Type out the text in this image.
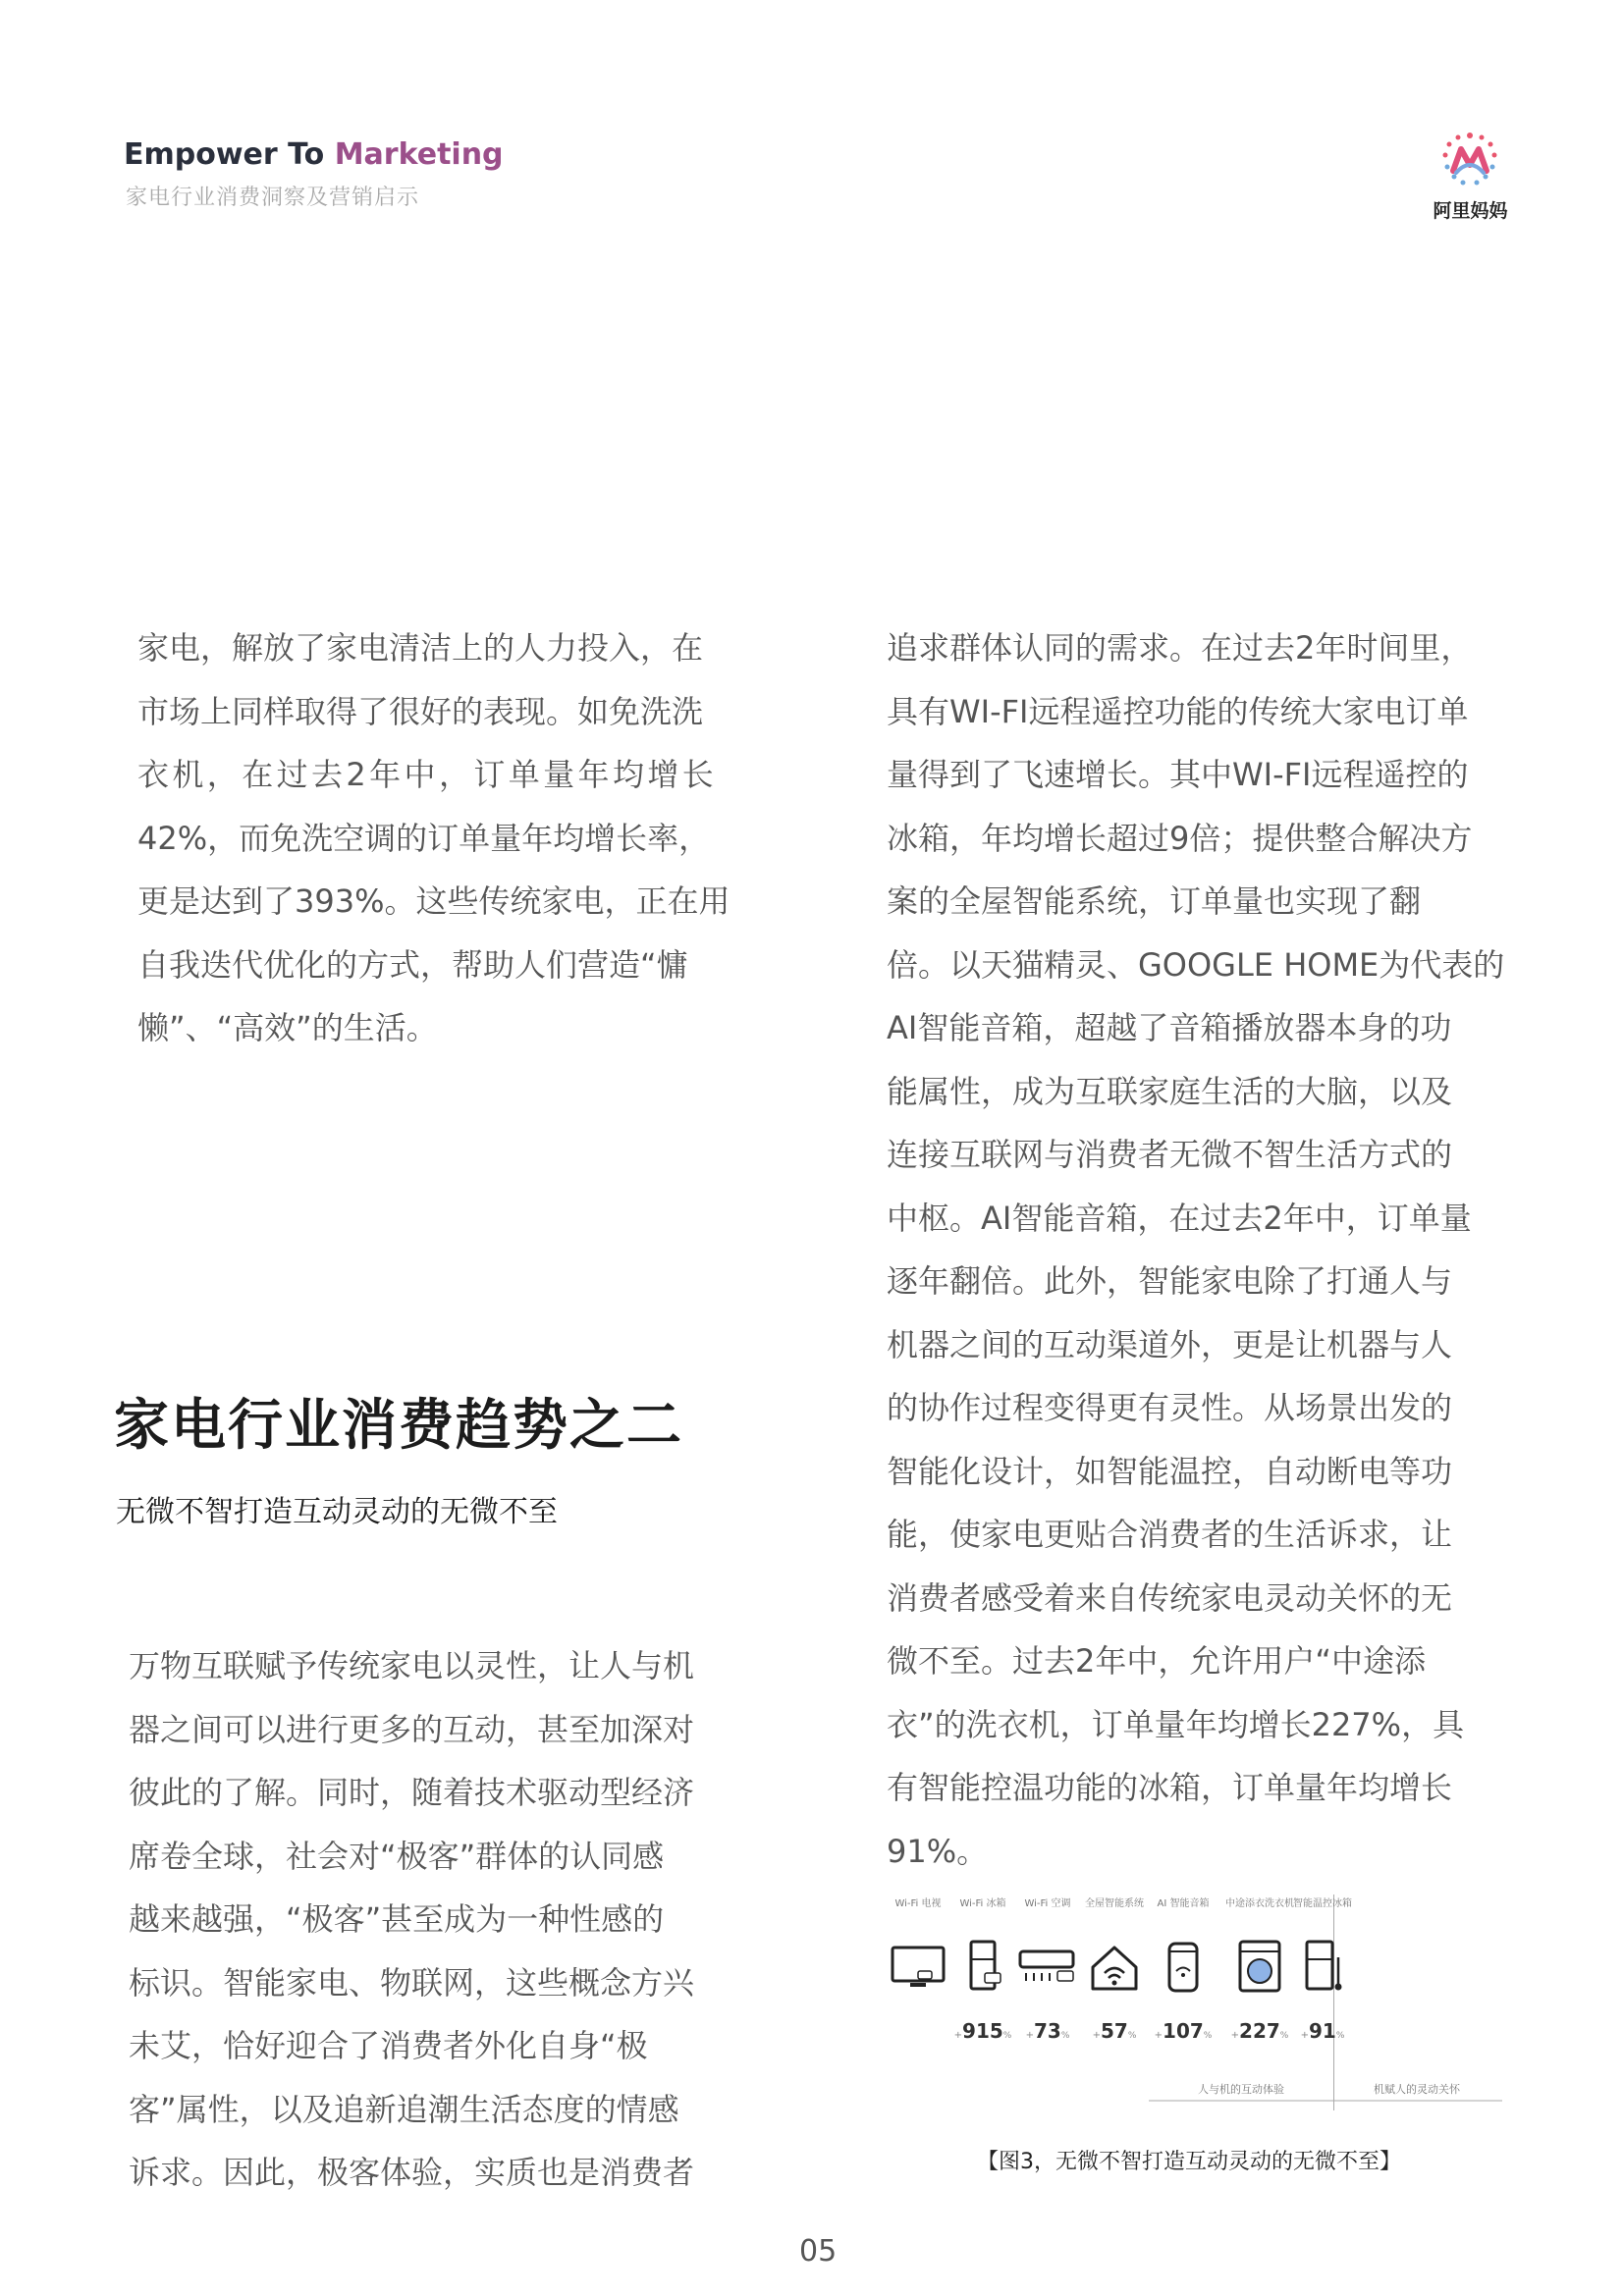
Empower To Marketing
家电行业消费洞察及营销启示
阿里妈妈
家电，解放了家电清洁上的人力投入，在
市场上同样取得了很好的表现。如免洗洗
衣机，在过去2年中，订单量年均增长
42%，而免洗空调的订单量年均增长率，
更是达到了393%。这些传统家电，正在用
自我迭代优化的方式，帮助人们营造“慵
懒”、“高效”的生活。
家电行业消费趋势之二
无微不智打造互动灵动的无微不至
万物互联赋予传统家电以灵性，让人与机
器之间可以进行更多的互动，甚至加深对
彼此的了解。同时，随着技术驱动型经济
席卷全球，社会对“极客”群体的认同感
越来越强，“极客”甚至成为一种性感的
标识。智能家电、物联网，这些概念方兴
未艾，恰好迎合了消费者外化自身“极
客”属性，以及追新追潮生活态度的情感
诉求。因此，极客体验，实质也是消费者
追求群体认同的需求。在过去2年时间里，
具有WI-FI远程遥控功能的传统大家电订单
量得到了飞速增长。其中WI-FI远程遥控的
冰箱，年均增长超过9倍；提供整合解决方
案的全屋智能系统，订单量也实现了翻
倍。以天猫精灵、GOOGLE HOME为代表的
AI智能音箱，超越了音箱播放器本身的功
能属性，成为互联家庭生活的大脑，以及
连接互联网与消费者无微不智生活方式的
中枢。AI智能音箱，在过去2年中，订单量
逐年翻倍。此外，智能家电除了打通人与
机器之间的互动渠道外，更是让机器与人
的协作过程变得更有灵性。从场景出发的
智能化设计，如智能温控，自动断电等功
能，使家电更贴合消费者的生活诉求，让
消费者感受着来自传统家电灵动关怀的无
微不至。过去2年中，允许用户“中途添
衣”的洗衣机，订单量年均增长227%，具
有智能控温功能的冰箱，订单量年均增长
91%。
Wi-Fi 电视	Wi-Fi 冰箱
+915%
Wi-Fi 空调
+73%
全屋智能系统
+57%
AI 智能音箱
+107%
中途添衣洗衣机
+227%
智能温控冰箱
+91%
人与机的互动体验	机赋人的灵动关怀
【图3，无微不智打造互动灵动的无微不至】
05
